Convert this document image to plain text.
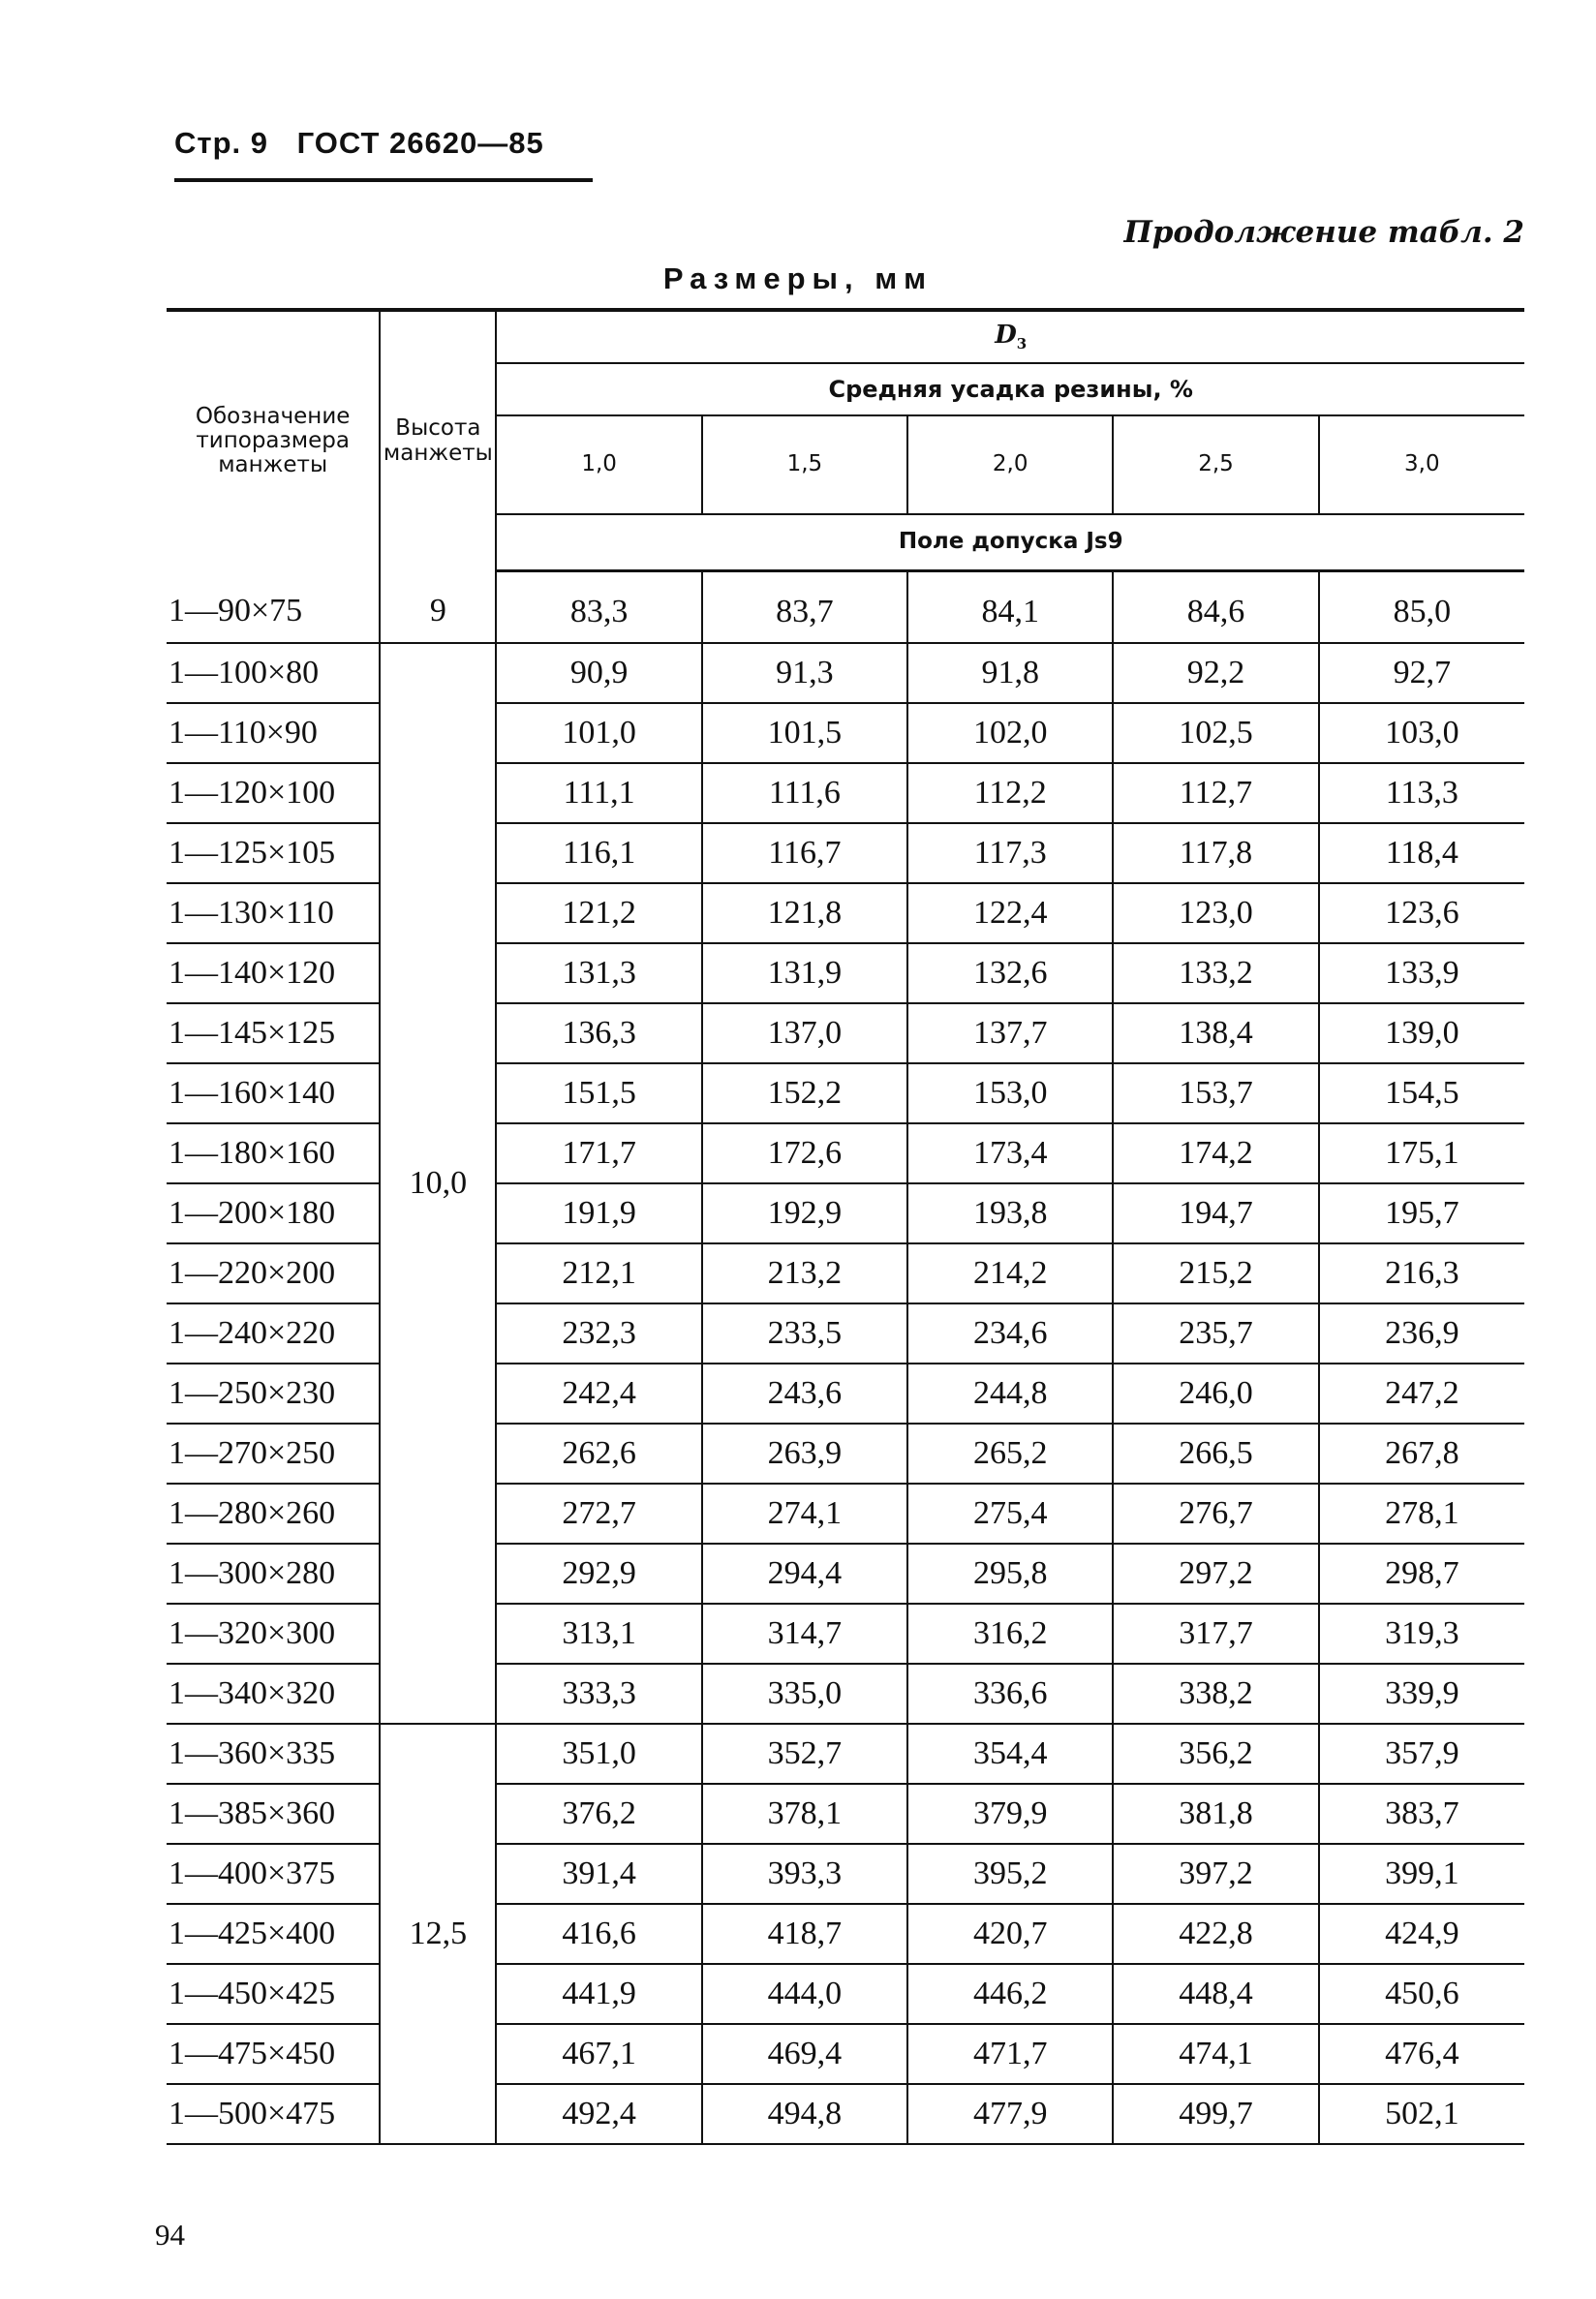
Стр. 9 ГОСТ 26620—85
Продолжение табл. 2
Размеры, мм
Обозначение типоразмера манжеты	Высота манжеты	$D_3$
		Средняя усадка резины, %				
		1,0	1,5	2,0	2,5	3,0
		Поле допуска Js9				
1—90×75	9	83,3	83,7	84,1	84,6	85,0
1—100×80	10,0	90,9	91,3	91,8	92,2	92,7
1—110×90		101,0	101,5	102,0	102,5	103,0
1—120×100		111,1	111,6	112,2	112,7	113,3
1—125×105		116,1	116,7	117,3	117,8	118,4
1—130×110		121,2	121,8	122,4	123,0	123,6
1—140×120		131,3	131,9	132,6	133,2	133,9
1—145×125		136,3	137,0	137,7	138,4	139,0
1—160×140		151,5	152,2	153,0	153,7	154,5
1—180×160		171,7	172,6	173,4	174,2	175,1
1—200×180		191,9	192,9	193,8	194,7	195,7
1—220×200		212,1	213,2	214,2	215,2	216,3
1—240×220		232,3	233,5	234,6	235,7	236,9
1—250×230		242,4	243,6	244,8	246,0	247,2
1—270×250		262,6	263,9	265,2	266,5	267,8
1—280×260		272,7	274,1	275,4	276,7	278,1
1—300×280		292,9	294,4	295,8	297,2	298,7
1—320×300		313,1	314,7	316,2	317,7	319,3
1—340×320		333,3	335,0	336,6	338,2	339,9
1—360×335	12,5	351,0	352,7	354,4	356,2	357,9
1—385×360		376,2	378,1	379,9	381,8	383,7
1—400×375		391,4	393,3	395,2	397,2	399,1
1—425×400		416,6	418,7	420,7	422,8	424,9
1—450×425		441,9	444,0	446,2	448,4	450,6
1—475×450		467,1	469,4	471,7	474,1	476,4
1—500×475		492,4	494,8	477,9	499,7	502,1
94
